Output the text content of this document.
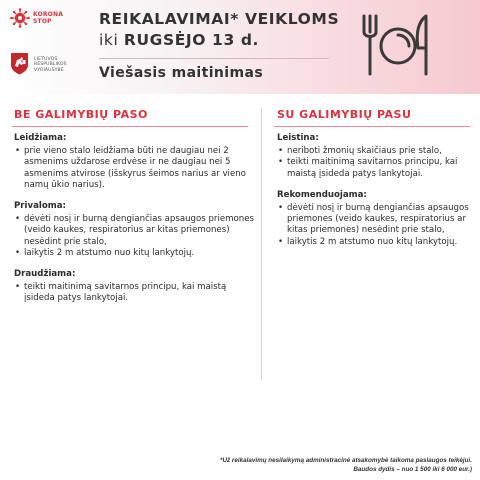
KORONA
STOP
LIETUVOS
RESPUBLIKOS
VYRIAUSYBĖ
REIKALAVIMAI* VEIKLOMS
iki RUGSĖJO 13 d.
Viešasis maitinimas
BE GALIMYBIŲ PASO	SU GALIMYBIŲ PASU
Leidžiama:
• prie vieno stalo leidžiama būti ne daugiau nei 2 asmenims uždarose erdvėse ir ne daugiau nei 5 asmenims atvirose (išskyrus šeimos narius ar vieno namų ūkio narius).
Privaloma:
• dėvėti nosį ir burną dengiančias apsaugos priemones (veido kaukes, respiratorius ar kitas priemones) nesėdint prie stalo,
• laikytis 2 m atstumo nuo kitų lankytojų.
Draudžiama:
• teikti maitinimą savitarnos principu, kai maistą įsideda patys lankytojai.
Leistina:
• neriboti žmonių skaičiaus prie stalo,
• teikti maitinimą savitarnos principu, kai maistą įsideda patys lankytojai.
Rekomenduojama:
• dėvėti nosį ir burną dengiančias apsaugos priemones (veido kaukes, respiratorius ar kitas priemones) nesėdint prie stalo,
• laikytis 2 m atstumo nuo kitų lankytojų.
*Už reikalavimų nesilaikymą administracinė atsakomybė taikoma paslaugos teikėjui.
Baudos dydis – nuo 1 500 iki 6 000 eur.)
